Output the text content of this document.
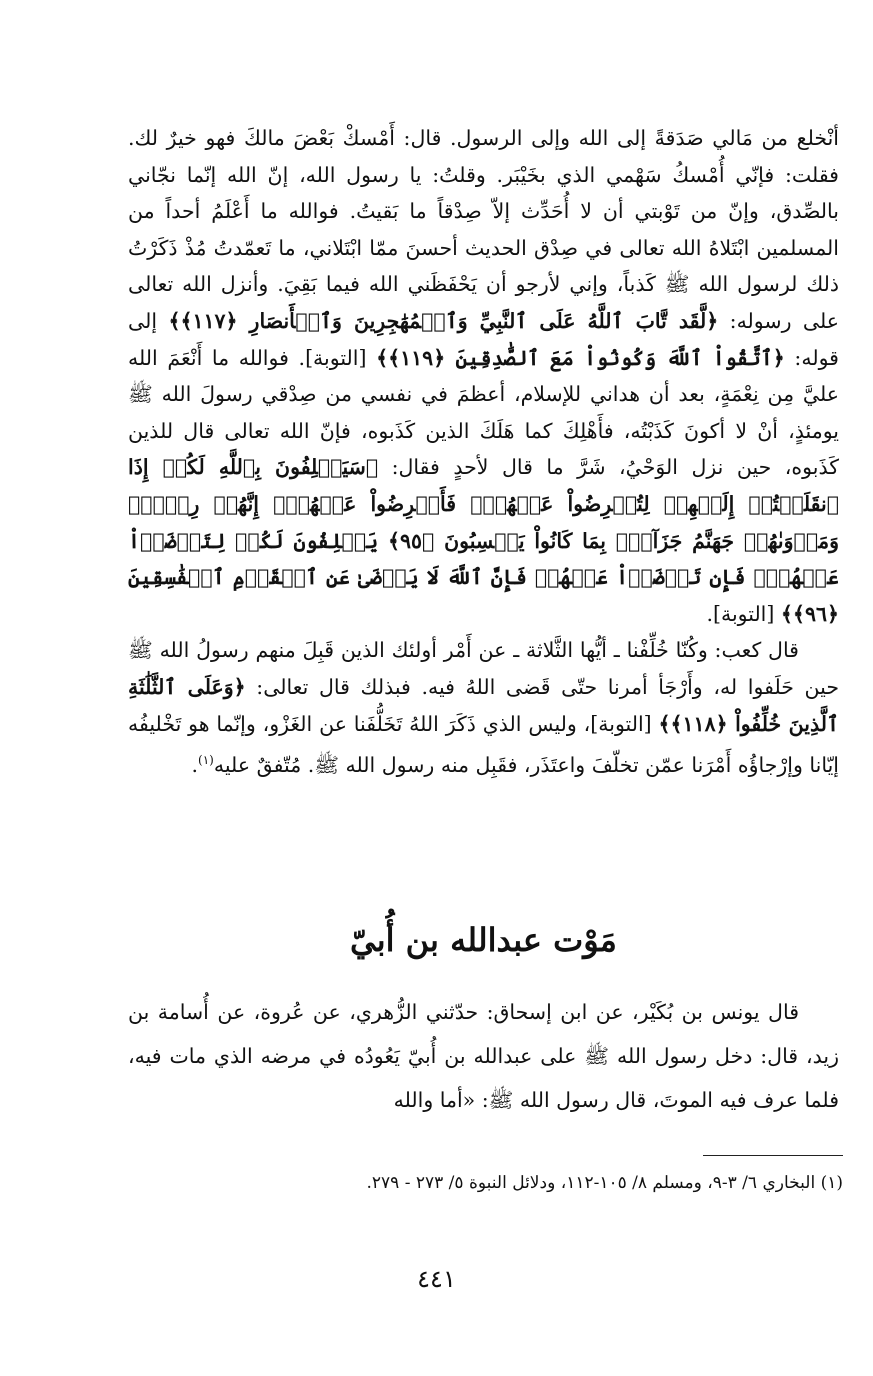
أنْخلع من مَالي صَدَقةً إلى الله وإلى الرسول. قال: أَمْسكْ بَعْضَ مالكَ فهو خيرٌ لك. فقلت: فإنّي أُمْسكُ سَهْمي الذي بخَيْبَر. وقلتُ: يا رسول الله، إنّ الله إنّما نجّاني بالصِّدق، وإنّ من تَوْبتي أن لا أُحَدِّث إلاّ صِدْقاً ما بَقيتُ. فوالله ما أَعْلَمُ أحداً من المسلمين ابْتَلاهُ الله تعالى في صِدْق الحديث أحسنَ ممّا ابْتَلاني، ما تَعمّدتُ مُذْ ذَكَرْتُ ذلك لرسول الله ﷺ كَذباً، وإني لأرجو أن يَحْفَظَني الله فيما بَقِيَ. وأنزل الله تعالى على رسوله: ﴿لَّقَد تَّابَ ٱللَّهُ عَلَى ٱلنَّبِيِّ وَٱلۡمُهَٰجِرِينَ وَٱلۡأَنصَارِ ﴿١١٧﴾﴾ إلى قوله: ﴿ٱتَّقُواْ ٱللَّهَ وَكُونُواْ مَعَ ٱلصَّٰدِقِينَ ﴿١١٩﴾﴾ [التوبة]. فوالله ما أَنْعَمَ الله عليَّ مِن نِعْمَةٍ، بعد أن هداني للإسلام، أعظمَ في نفسي من صِدْقي رسولَ الله ﷺ يومئذٍ، أنْ لا أكونَ كَذَبْتُه، فأَهْلِكَ كما هَلَكَ الذين كَذَبوه، فإنّ الله تعالى قال للذين كَذَبوه، حين نزل الوَحْيُ، شَرَّ ما قال لأحدٍ فقال: ﴿سَيَحۡلِفُونَ بِٱللَّهِ لَكُمۡ إِذَا ٱنقَلَبۡتُمۡ إِلَيۡهِمۡ لِتُعۡرِضُواْ عَنۡهُمۡۖ فَأَعۡرِضُواْ عَنۡهُمۡۖ إِنَّهُمۡ رِجۡسٞۖ وَمَأۡوَىٰهُمۡ جَهَنَّمُ جَزَآءَۢ بِمَا كَانُواْ يَكۡسِبُونَ ﴿٩٥﴾ يَحۡلِفُونَ لَكُمۡ لِتَرۡضَوۡاْ عَنۡهُمۡۖ فَإِن تَرۡضَوۡاْ عَنۡهُمۡ فَإِنَّ ٱللَّهَ لَا يَرۡضَىٰ عَنِ ٱلۡقَوۡمِ ٱلۡفَٰسِقِينَ ﴿٩٦﴾﴾ [التوبة].

قال كعب: وكُنّا خُلِّفْنا ـ أيُّها الثَّلاثة ـ عن أَمْر أولئك الذين قَبِلَ منهم رسولُ الله ﷺ حين حَلَفوا له، وأَرْجَأ أمرنا حتّى قَضى اللهُ فيه. فبذلك قال تعالى: ﴿وَعَلَى ٱلثَّلَٰثَةِ ٱلَّذِينَ خُلِّفُواْ ﴿١١٨﴾﴾ [التوبة]، وليس الذي ذَكَرَ اللهُ تَخَلُّفَنا عن الغَزْو، وإنّما هو تَخْليفُه إيّانا وإرْجاؤُه أَمْرَنا عمّن تخلّفَ واعتَذَر، فقَبِل منه رسول الله ﷺ. مُتّفقٌ عليه$^{(١)}$.

مَوْت عبدالله بن أُبيّ

قال يونس بن بُكَيْر، عن ابن إسحاق: حدّثني الزُّهري، عن عُروة، عن أُسامة بن زيد، قال: دخل رسول الله ﷺ على عبدالله بن أُبيّ يَعُودُه في مرضه الذي مات فيه، فلما عرف فيه الموتَ، قال رسول الله ﷺ: «أما والله

(١) البخاري ٦/ ٣-٩، ومسلم ٨/ ١٠٥-١١٢، ودلائل النبوة ٥/ ٢٧٣ - ٢٧٩.
٤٤١
